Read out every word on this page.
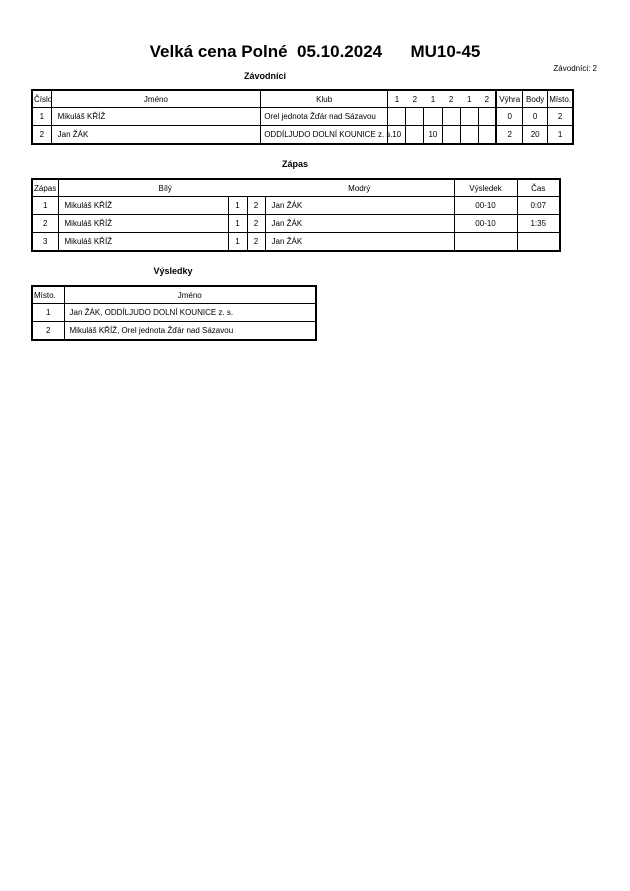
Velká cena Polné  05.10.2024      MU10-45
Závodníci: 2
Závodníci
Číslo	Jméno	Klub	1	2	1	2	1	2	Výhra	Body	Místo.
1	Mikuláš KŘÍŽ	Orel jednota Žďár nad Sázavou							0	0	2
2	Jan ŽÁK	ODDÍLJUDO DOLNÍ KOUNICE z. s.	10		10				2	20	1
Zápas
Zápas	Bílý			Modrý	Výsledek	Čas
1	Mikuláš KŘÍŽ	1	2	Jan ŽÁK	00-10	0:07
2	Mikuláš KŘÍŽ	1	2	Jan ŽÁK	00-10	1:35
3	Mikuláš KŘÍŽ	1	2	Jan ŽÁK		
Výsledky
Místo.	Jméno
1	Jan ŽÁK, ODDÍLJUDO DOLNÍ KOUNICE z. s.
2	Mikuláš KŘÍŽ, Orel jednota Žďár nad Sázavou
